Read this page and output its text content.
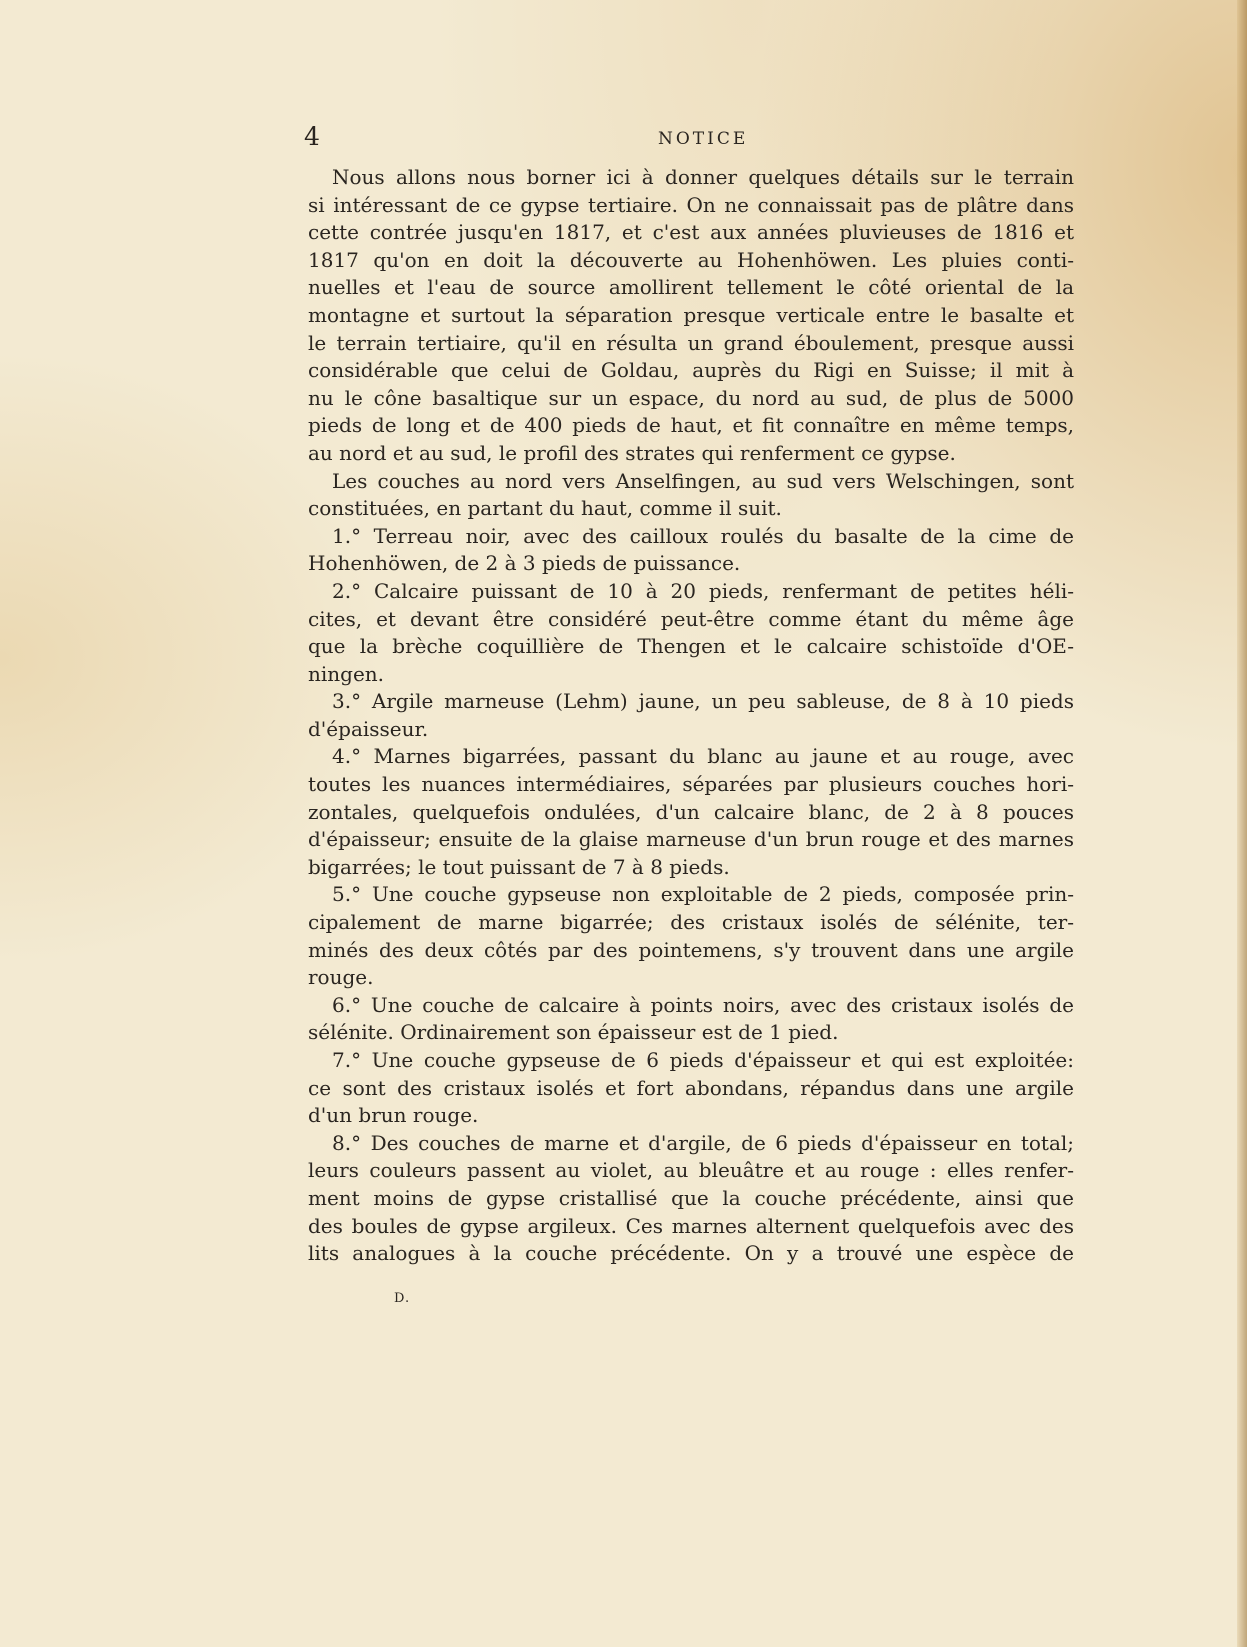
4	NOTICE
Nous allons nous borner ici à donner quelques détails sur le terrain
si intéressant de ce gypse tertiaire. On ne connaissait pas de plâtre dans
cette contrée jusqu'en 1817, et c'est aux années pluvieuses de 1816 et
1817 qu'on en doit la découverte au Hohenhöwen. Les pluies conti-
nuelles et l'eau de source amollirent tellement le côté oriental de la
montagne et surtout la séparation presque verticale entre le basalte et
le terrain tertiaire, qu'il en résulta un grand éboulement, presque aussi
considérable que celui de Goldau, auprès du Rigi en Suisse; il mit à
nu le cône basaltique sur un espace, du nord au sud, de plus de 5000
pieds de long et de 400 pieds de haut, et fit connaître en même temps,
au nord et au sud, le profil des strates qui renferment ce gypse.
Les couches au nord vers Anselfingen, au sud vers Welschingen, sont
constituées, en partant du haut, comme il suit.
1.° Terreau noir, avec des cailloux roulés du basalte de la cime de
Hohenhöwen, de 2 à 3 pieds de puissance.
2.° Calcaire puissant de 10 à 20 pieds, renfermant de petites héli-
cites, et devant être considéré peut-être comme étant du même âge
que la brèche coquillière de Thengen et le calcaire schistoïde d'OE-
ningen.
3.° Argile marneuse (Lehm) jaune, un peu sableuse, de 8 à 10 pieds
d'épaisseur.
4.° Marnes bigarrées, passant du blanc au jaune et au rouge, avec
toutes les nuances intermédiaires, séparées par plusieurs couches hori-
zontales, quelquefois ondulées, d'un calcaire blanc, de 2 à 8 pouces
d'épaisseur; ensuite de la glaise marneuse d'un brun rouge et des marnes
bigarrées; le tout puissant de 7 à 8 pieds.
5.° Une couche gypseuse non exploitable de 2 pieds, composée prin-
cipalement de marne bigarrée; des cristaux isolés de sélénite, ter-
minés des deux côtés par des pointemens, s'y trouvent dans une argile
rouge.
6.° Une couche de calcaire à points noirs, avec des cristaux isolés de
sélénite. Ordinairement son épaisseur est de 1 pied.
7.° Une couche gypseuse de 6 pieds d'épaisseur et qui est exploitée:
ce sont des cristaux isolés et fort abondans, répandus dans une argile
d'un brun rouge.
8.° Des couches de marne et d'argile, de 6 pieds d'épaisseur en total;
leurs couleurs passent au violet, au bleuâtre et au rouge : elles renfer-
ment moins de gypse cristallisé que la couche précédente, ainsi que
des boules de gypse argileux. Ces marnes alternent quelquefois avec des
lits analogues à la couche précédente. On y a trouvé une espèce de
D.
